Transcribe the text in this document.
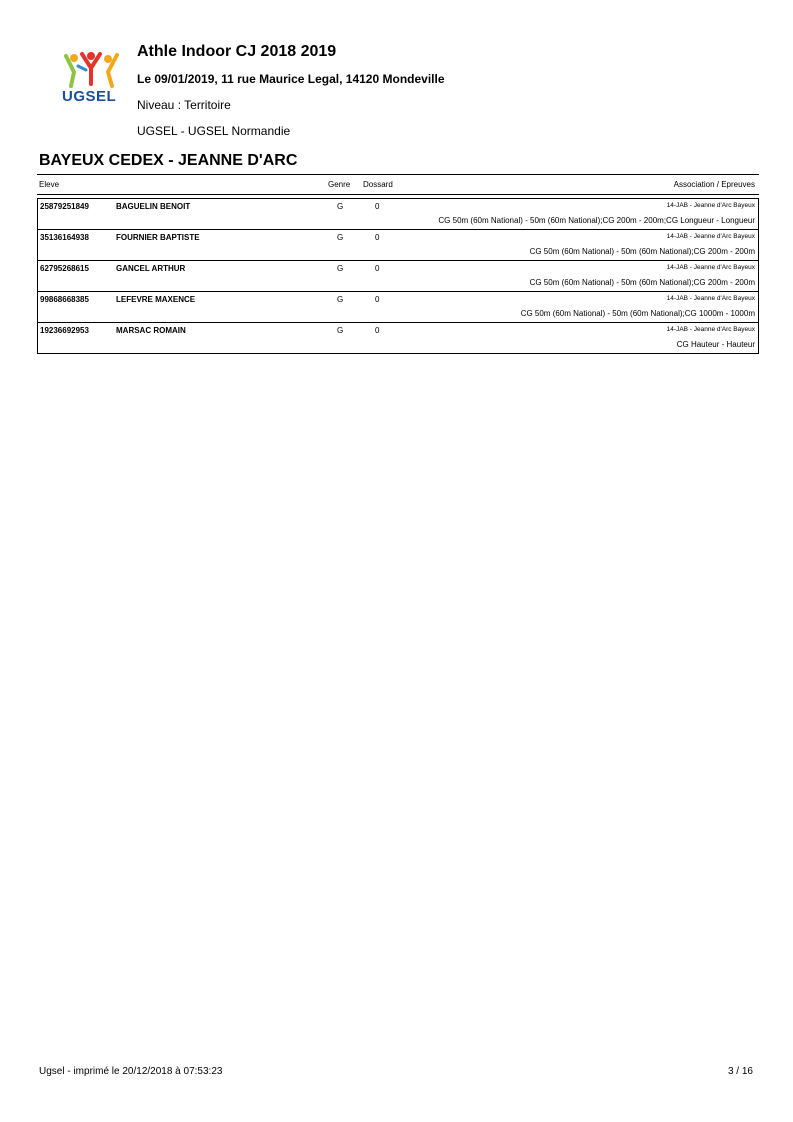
UGSEL
Athle Indoor CJ 2018 2019
Le 09/01/2019, 11 rue Maurice Legal, 14120 Mondeville
Niveau : Territoire
UGSEL - UGSEL Normandie
BAYEUX CEDEX - JEANNE D'ARC
Eleve	Genre Dossard	Association / Epreuves
25879251849	BAGUELIN BENOIT	G	0	14-JAB - Jeanne d'Arc Bayeux
CG 50m (60m National) - 50m (60m National);CG 200m - 200m;CG Longueur - Longueur
35136164938	FOURNIER BAPTISTE	G	0	14-JAB - Jeanne d'Arc Bayeux
CG 50m (60m National) - 50m (60m National);CG 200m - 200m
62795268615	GANCEL ARTHUR	G	0	14-JAB - Jeanne d'Arc Bayeux
CG 50m (60m National) - 50m (60m National);CG 200m - 200m
99868668385	LEFEVRE MAXENCE	G	0	14-JAB - Jeanne d'Arc Bayeux
CG 50m (60m National) - 50m (60m National);CG 1000m - 1000m
19236692953	MARSAC ROMAIN	G	0	14-JAB - Jeanne d'Arc Bayeux
CG Hauteur - Hauteur
Ugsel - imprimé le 20/12/2018 à 07:53:23	3 / 16
